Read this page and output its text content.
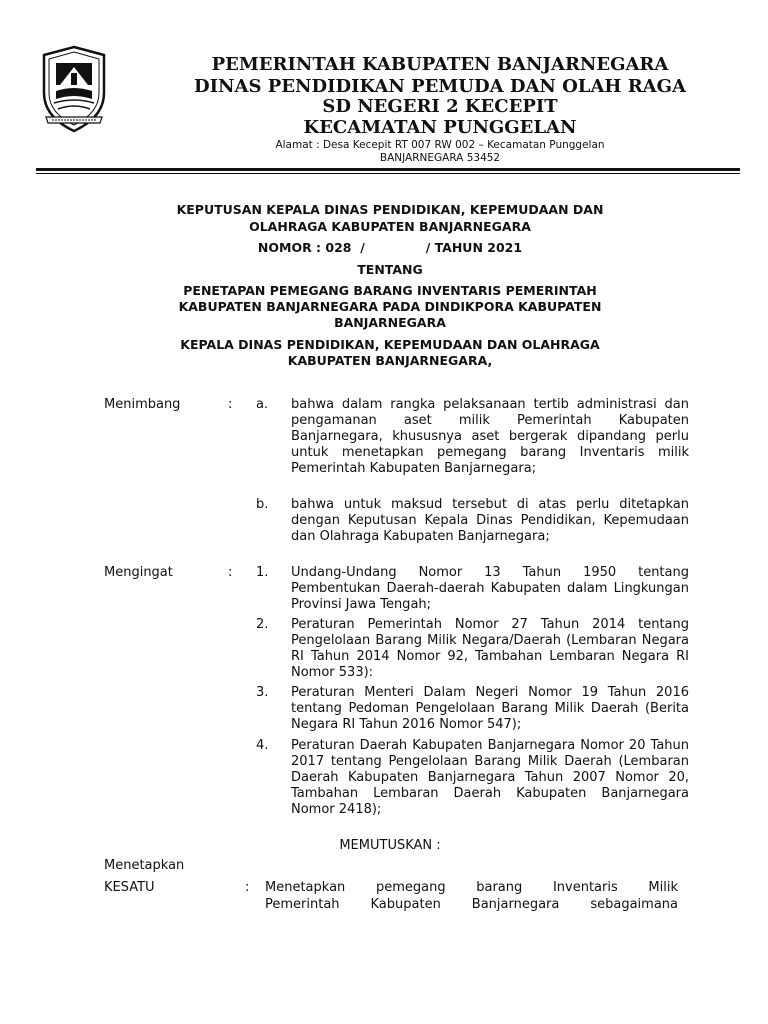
PEMERINTAH KABUPATEN BANJARNEGARA
DINAS PENDIDIKAN PEMUDA DAN OLAH RAGA
SD NEGERI 2 KECEPIT
KECAMATAN PUNGGELAN
Alamat : Desa Kecepit RT 007 RW 002 – Kecamatan Punggelan
BANJARNEGARA 53452
KEPUTUSAN KEPALA DINAS PENDIDIKAN, KEPEMUDAAN DAN
OLAHRAGA KABUPATEN BANJARNEGARA
NOMOR : 028  /              / TAHUN 2021
TENTANG
PENETAPAN PEMEGANG BARANG INVENTARIS PEMERINTAH
KABUPATEN BANJARNEGARA PADA DINDIKPORA KABUPATEN
BANJARNEGARA
KEPALA DINAS PENDIDIKAN, KEPEMUDAAN DAN OLAHRAGA
KABUPATEN BANJARNEGARA,
Menimbang	: a. bahwa dalam rangka pelaksanaan tertib administrasi dan pengamanan aset milik Pemerintah Kabupaten Banjarnegara, khususnya aset bergerak dipandang perlu untuk menetapkan pemegang barang Inventaris milik Pemerintah Kabupaten Banjarnegara;
b. bahwa untuk maksud tersebut di atas perlu ditetapkan dengan Keputusan Kepala Dinas Pendidikan, Kepemudaan dan Olahraga Kabupaten Banjarnegara;
Mengingat	: 1. Undang-Undang Nomor 13 Tahun 1950 tentang Pembentukan Daerah-daerah Kabupaten dalam Lingkungan Provinsi Jawa Tengah;
2. Peraturan Pemerintah Nomor 27 Tahun 2014 tentang Pengelolaan Barang Milik Negara/Daerah (Lembaran Negara RI Tahun 2014 Nomor 92, Tambahan Lembaran Negara RI Nomor 533):
3. Peraturan Menteri Dalam Negeri Nomor 19 Tahun 2016 tentang Pedoman Pengelolaan Barang Milik Daerah (Berita Negara RI Tahun 2016 Nomor 547);
4. Peraturan Daerah Kabupaten Banjarnegara Nomor 20 Tahun 2017 tentang Pengelolaan Barang Milik Daerah (Lembaran Daerah Kabupaten Banjarnegara Tahun 2007 Nomor 20, Tambahan Lembaran Daerah Kabupaten Banjarnegara Nomor 2418);
MEMUTUSKAN :
Menetapkan
KESATU	: Menetapkan pemegang barang Inventaris Milik
Pemerintah Kabupaten Banjarnegara sebagaimana
